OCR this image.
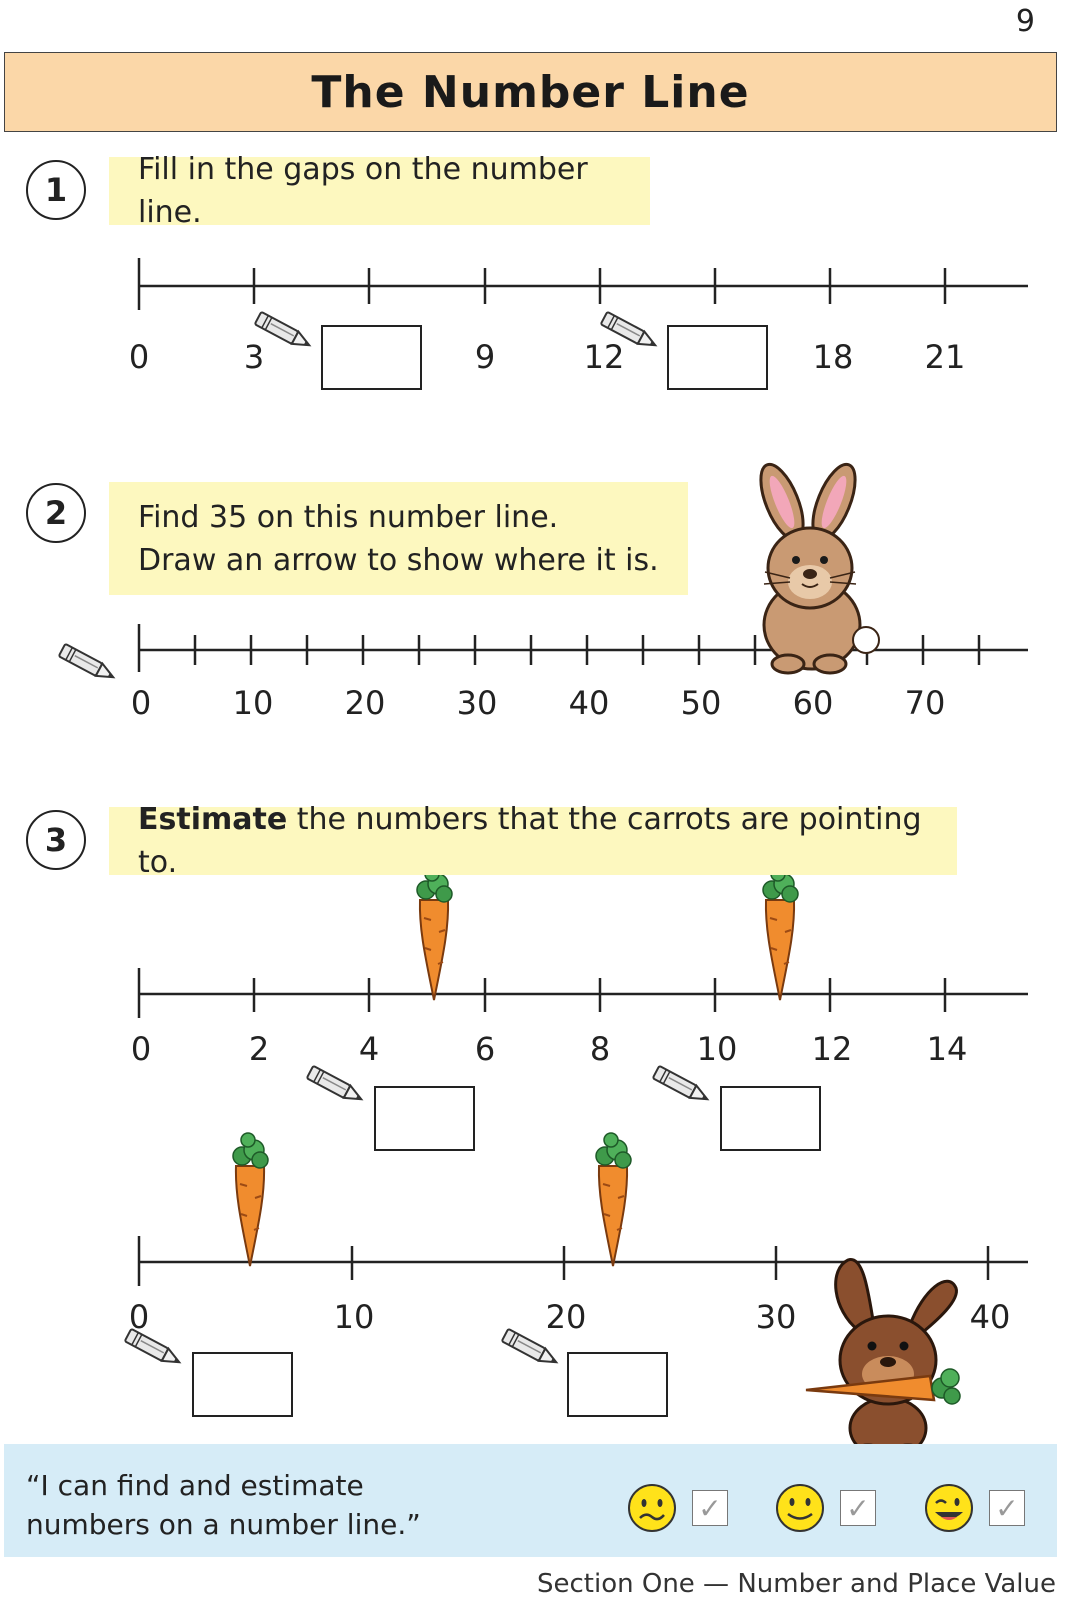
9
The Number Line
1
Fill in the gaps on the number line.
0	3	9	12	18 21
2	Find 35 on this number line.
Draw an arrow to show where it is.
0	10 20 30 40 50 60 70
3
Estimate the numbers that the carrots are pointing to.
0	2	4	6	8	10 12 14
0	10	20	30	40
“I can find and estimate
numbers on a number line.”	✓	✓	✓
Section One — Number and Place Value
